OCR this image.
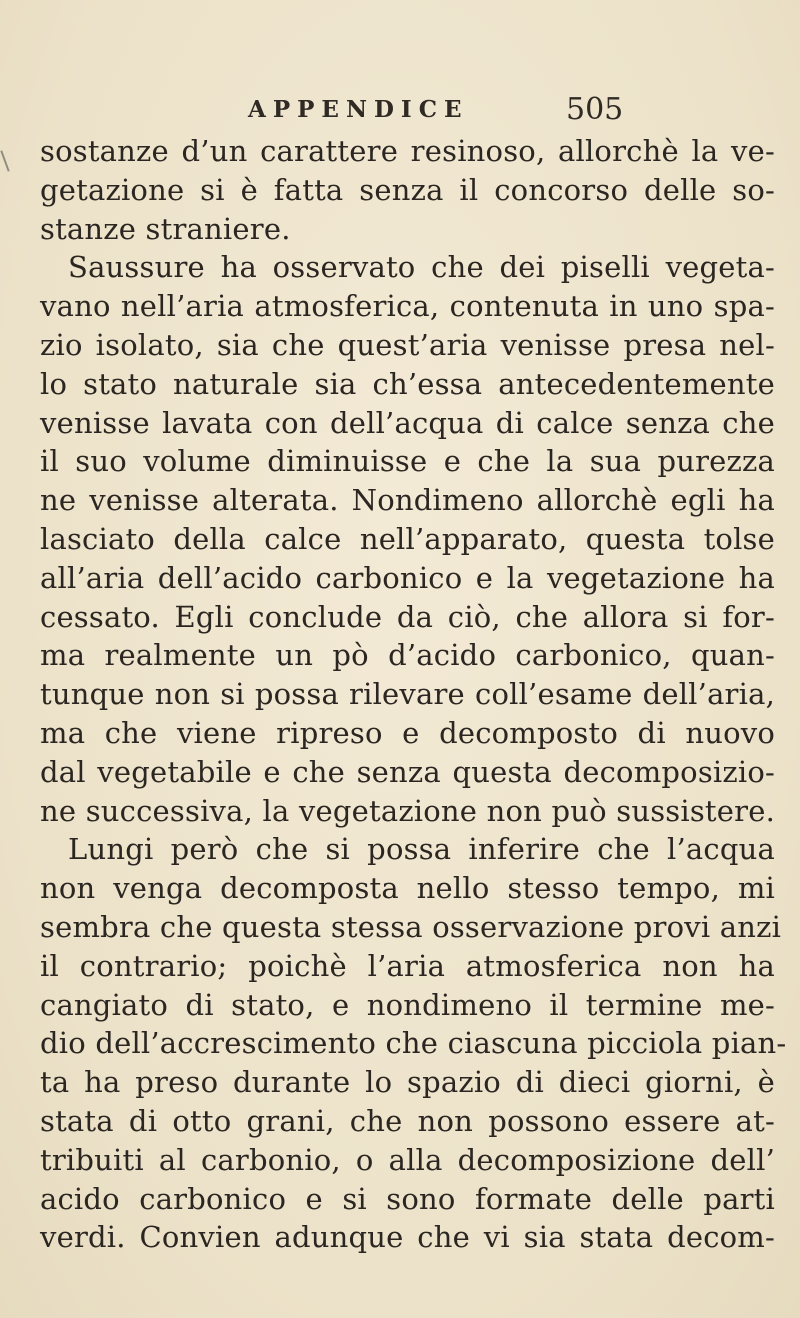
APPENDICE	505
sostanze d’un carattere resinoso, allorchè la ve-
getazione si è fatta senza il concorso delle so-
stanze straniere.
Saussure ha osservato che dei piselli vegeta-
vano nell’aria atmosferica, contenuta in uno spa-
zio isolato, sia che quest’aria venisse presa nel-
lo stato naturale sia ch’essa antecedentemente
venisse lavata con dell’acqua di calce senza che
il suo volume diminuisse e che la sua purezza
ne venisse alterata. Nondimeno allorchè egli ha
lasciato della calce nell’apparato, questa tolse
all’aria dell’acido carbonico e la vegetazione ha
cessato. Egli conclude da ciò, che allora si for-
ma realmente un pò d’acido carbonico, quan-
tunque non si possa rilevare coll’esame dell’aria,
ma che viene ripreso e decomposto di nuovo
dal vegetabile e che senza questa decomposizio-
ne successiva, la vegetazione non può sussistere.
Lungi però che si possa inferire che l’acqua
non venga decomposta nello stesso tempo, mi
sembra che questa stessa osservazione provi anzi
il contrario; poichè l’aria atmosferica non ha
cangiato di stato, e nondimeno il termine me-
dio dell’accrescimento che ciascuna picciola pian-
ta ha preso durante lo spazio di dieci giorni, è
stata di otto grani, che non possono essere at-
tribuiti al carbonio, o alla decomposizione dell’
acido carbonico e si sono formate delle parti
verdi. Convien adunque che vi sia stata decom-
